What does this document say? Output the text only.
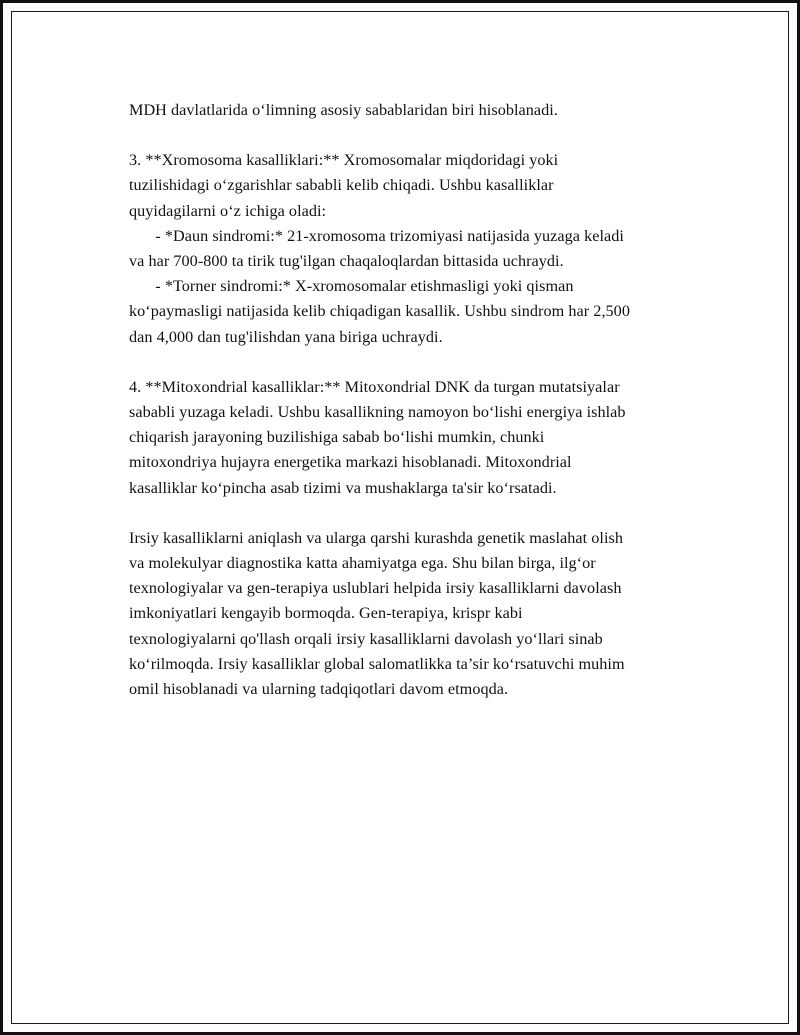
MDH davlatlarida o‘limning asosiy sabablaridan biri hisoblanadi.

3. **Xromosoma kasalliklari:** Xromosomalar miqdoridagi yoki
tuzilishidagi o‘zgarishlar sababli kelib chiqadi. Ushbu kasalliklar
quyidagilarni o‘z ichiga oladi:
- *Daun sindromi:* 21-xromosoma trizomiyasi natijasida yuzaga keladi
va har 700-800 ta tirik tug'ilgan chaqaloqlardan bittasida uchraydi.
- *Torner sindromi:* X-xromosomalar etishmasligi yoki qisman
ko‘paymasligi natijasida kelib chiqadigan kasallik. Ushbu sindrom har 2,500
dan 4,000 dan tug'ilishdan yana biriga uchraydi.

4. **Mitoxondrial kasalliklar:** Mitoxondrial DNK da turgan mutatsiyalar
sababli yuzaga keladi. Ushbu kasallikning namoyon bo‘lishi energiya ishlab
chiqarish jarayoning buzilishiga sabab bo‘lishi mumkin, chunki
mitoxondriya hujayra energetika markazi hisoblanadi. Mitoxondrial
kasalliklar ko‘pincha asab tizimi va mushaklarga ta'sir ko‘rsatadi.

Irsiy kasalliklarni aniqlash va ularga qarshi kurashda genetik maslahat olish
va molekulyar diagnostika katta ahamiyatga ega. Shu bilan birga, ilg‘or
texnologiyalar va gen-terapiya uslublari helpida irsiy kasalliklarni davolash
imkoniyatlari kengayib bormoqda. Gen-terapiya, krispr kabi
texnologiyalarni qo'llash orqali irsiy kasalliklarni davolash yo‘llari sinab
ko‘rilmoqda. Irsiy kasalliklar global salomatlikka ta’sir ko‘rsatuvchi muhim
omil hisoblanadi va ularning tadqiqotlari davom etmoqda.
